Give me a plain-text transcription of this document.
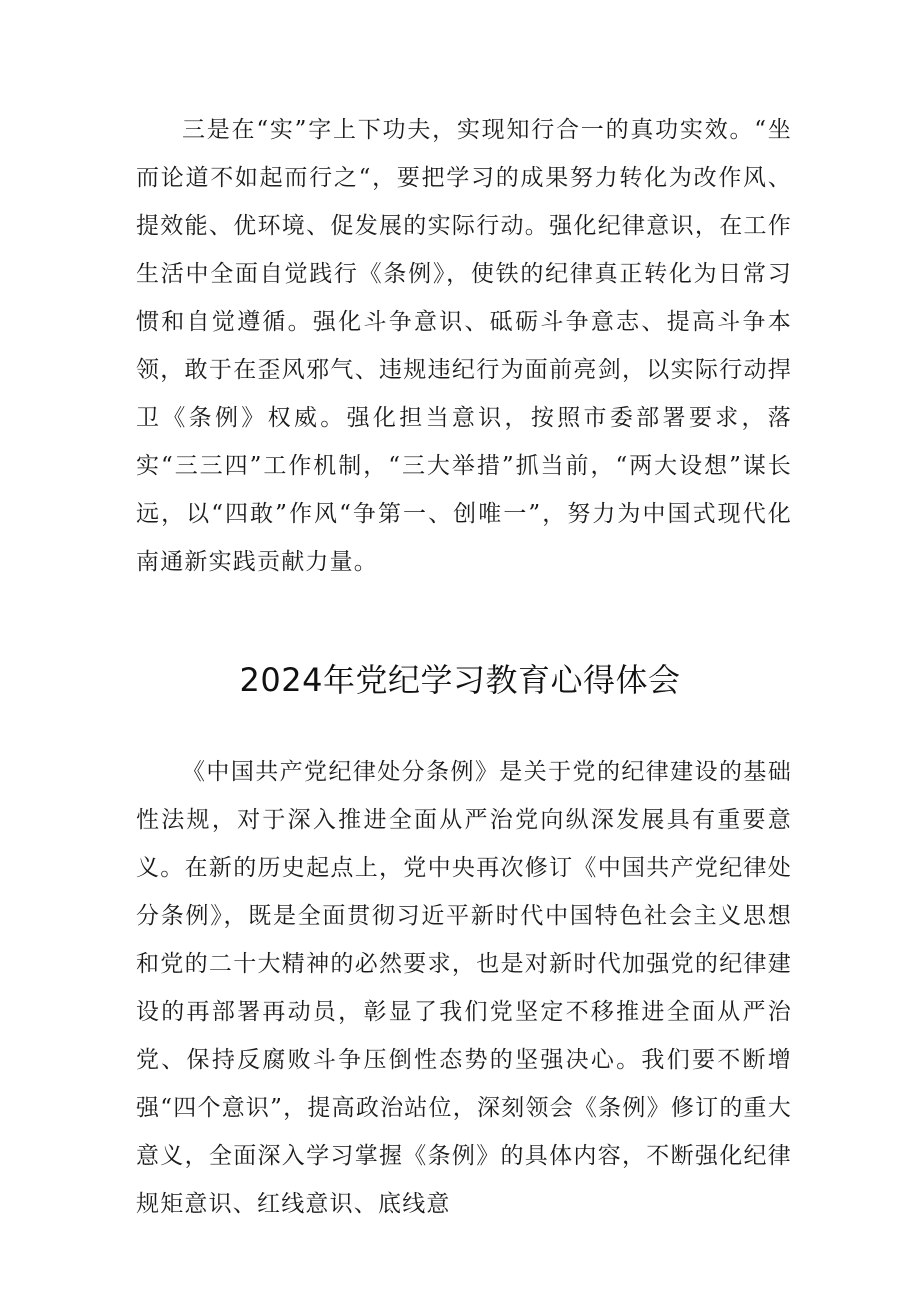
三是在“实”字上下功夫，实现知行合一的真功实效。“坐而论道不如起而行之“，要把学习的成果努力转化为改作风、提效能、优环境、促发展的实际行动。强化纪律意识，在工作生活中全面自觉践行《条例》，使铁的纪律真正转化为日常习惯和自觉遵循。强化斗争意识、砥砺斗争意志、提高斗争本领，敢于在歪风邪气、违规违纪行为面前亮剑，以实际行动捍卫《条例》权威。强化担当意识，按照市委部署要求，落实“三三四”工作机制，“三大举措”抓当前，“两大设想”谋长远，以“四敢”作风“争第一、创唯一”，努力为中国式现代化南通新实践贡献力量。

2024年党纪学习教育心得体会

《中国共产党纪律处分条例》是关于党的纪律建设的基础性法规，对于深入推进全面从严治党向纵深发展具有重要意义。在新的历史起点上，党中央再次修订《中国共产党纪律处分条例》，既是全面贯彻习近平新时代中国特色社会主义思想和党的二十大精神的必然要求，也是对新时代加强党的纪律建设的再部署再动员，彰显了我们党坚定不移推进全面从严治党、保持反腐败斗争压倒性态势的坚强决心。我们要不断增强“四个意识”，提高政治站位，深刻领会《条例》修订的重大意义，全面深入学习掌握《条例》的具体内容，不断强化纪律规矩意识、红线意识、底线意
